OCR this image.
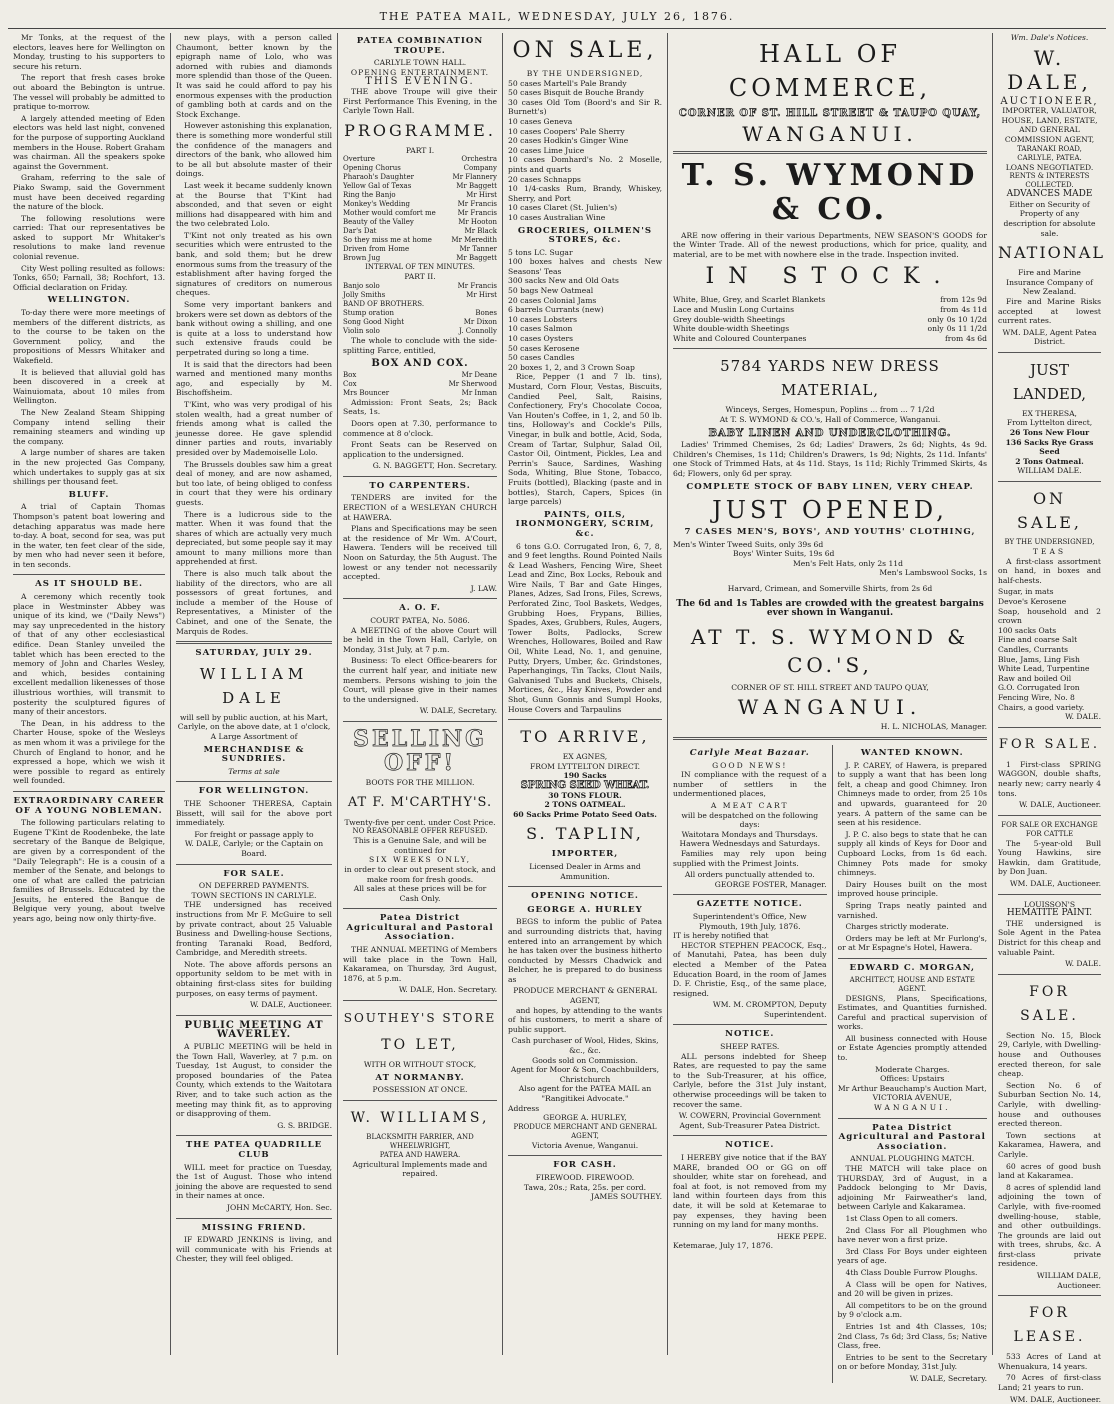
THE PATEA MAIL, WEDNESDAY, JULY 26, 1876.

Mr Tonks, at the request of the electors, leaves here for Wellington on Monday, trusting to his supporters to secure his return.

The report that fresh cases broke out aboard the Bebington is untrue. The vessel will probably be admitted to pratique to-morrow.

A largely attended meeting of Eden electors was held last night, convened for the purpose of supporting Auckland members in the House. Robert Graham was chairman. All the speakers spoke against the Government.

Graham, referring to the sale of Piako Swamp, said the Government must have been deceived regarding the nature of the block.

The following resolutions were carried: That our representatives be asked to support Mr Whitaker's resolutions to make land revenue colonial revenue.

City West polling resulted as follows: Tonks, 650; Farnall, 38; Rochfort, 13. Official declaration on Friday.

WELLINGTON.

To-day there were more meetings of members of the different districts, as to the course to be taken on the Government policy, and the propositions of Messrs Whitaker and Wakefield.

It is believed that alluvial gold has been discovered in a creek at Wainuiomata, about 10 miles from Wellington.

The New Zealand Steam Shipping Company intend selling their remaining steamers and winding up the company.

A large number of shares are taken in the new projected Gas Company, which undertakes to supply gas at six shillings per thousand feet.

BLUFF.

A trial of Captain Thomas Thompson's patent boat lowering and detaching apparatus was made here to-day. A boat, second for sea, was put in the water, ten feet clear of the side, by men who had never seen it before, in ten seconds.

AS IT SHOULD BE.

A ceremony which recently took place in Westminster Abbey was unique of its kind, we ("Daily News") may say unprecedented in the history of that of any other ecclesiastical edifice. Dean Stanley unveiled the tablet which has been erected to the memory of John and Charles Wesley, and which, besides containing excellent medallion likenesses of those illustrious worthies, will transmit to posterity the sculptured figures of many of their ancestors.

The Dean, in his address to the Charter House, spoke of the Wesleys as men whom it was a privilege for the Church of England to honor, and he expressed a hope, which we wish it were possible to regard as entirely well founded.

EXTRAORDINARY CAREER OF A YOUNG NOBLEMAN.

The following particulars relating to Eugene T'Kint de Roodenbeke, the late secretary of the Banque de Belgique, are given by a correspondent of the "Daily Telegraph": He is a cousin of a member of the Senate, and belongs to one of what are called the patrician families of Brussels. Educated by the Jesuits, he entered the Banque de Belgique very young, about twelve years ago, being now only thirty-five.

new plays, with a person called Chaumont, better known by the epigraph name of Lolo, who was adorned with rubies and diamonds more splendid than those of the Queen. It was said he could afford to pay his enormous expenses with the production of gambling both at cards and on the Stock Exchange.

However astonishing this explanation, there is something more wonderful still the confidence of the managers and directors of the bank, who allowed him to be all but absolute master of their doings.

Last week it became suddenly known at the Bourse that T'Kint had absconded, and that seven or eight millions had disappeared with him and the two celebrated Lolo.

T'Kint not only treated as his own securities which were entrusted to the bank, and sold them; but he drew enormous sums from the treasury of the establishment after having forged the signatures of creditors on numerous cheques.

Some very important bankers and brokers were set down as debtors of the bank without owing a shilling, and one is quite at a loss to understand how such extensive frauds could be perpetrated during so long a time.

It is said that the directors had been warned and mentioned many months ago, and especially by M. Bischoffsheim.

T'Kint, who was very prodigal of his stolen wealth, had a great number of friends among what is called the jeunesse doree. He gave splendid dinner parties and routs, invariably presided over by Mademoiselle Lolo.

The Brussels doubles saw him a great deal of money, and are now ashamed, but too late, of being obliged to confess in court that they were his ordinary guests.

There is a ludicrous side to the matter. When it was found that the shares of which are actually very much depreciated, but some people say it may amount to many millions more than apprehended at first.

There is also much talk about the liability of the directors, who are all possessors of great fortunes, and include a member of the House of Representatives, a Minister of the Cabinet, and one of the Senate, the Marquis de Rodes.

SATURDAY, JULY 29.
WILLIAM DALE
will sell by public auction, at his Mart, Carlyle, on the above date, at 1 o'clock,
A Large Assortment of
MERCHANDISE & SUNDRIES.
Terms at sale
FOR WELLINGTON.

THE Schooner THERESA, Captain Bissett, will sail for the above port immediately.

For freight or passage apply to
W. DALE, Carlyle; or the Captain on Board.
FOR SALE.
ON DEFERRED PAYMENTS.
TOWN SECTIONS IN CARLYLE.

THE undersigned has received instructions from Mr F. McGuire to sell by private contract, about 25 Valuable Business and Dwelling-house Sections, fronting Taranaki Road, Bedford, Cambridge, and Meredith streets.

Note. The above affords persons an opportunity seldom to be met with in obtaining first-class sites for building purposes, on easy terms of payment.

W. DALE, Auctioneer.
PUBLIC MEETING AT WAVERLEY.

A PUBLIC MEETING will be held in the Town Hall, Waverley, at 7 p.m. on Tuesday, 1st August, to consider the proposed boundaries of the Patea County, which extends to the Waitotara River, and to take such action as the meeting may think fit, as to approving or disapproving of them.

G. S. BRIDGE.
THE PATEA QUADRILLE CLUB

WILL meet for practice on Tuesday, the 1st of August. Those who intend joining the above are requested to send in their names at once.

JOHN McCARTY, Hon. Sec.
MISSING FRIEND.

IF EDWARD JENKINS is living, and will communicate with his Friends at Chester, they will feel obliged.

PATEA COMBINATION TROUPE.
CARLYLE TOWN HALL.
OPENING ENTERTAINMENT.
THIS EVENING.

THE above Troupe will give their First Performance This Evening, in the Carlyle Town Hall.

PROGRAMME.
PART I.
Overture	Orchestra
Opening Chorus	Company
Pharaoh's Daughter	Mr Flannery
Yellow Gal of Texas	Mr Baggett
Ring the Banjo	Mr Hirst
Monkey's Wedding	Mr Francis
Mother would comfort me	Mr Francis
Beauty of the Valley	Mr Hooton
Dar's Dat	Mr Black
So they miss me at home	Mr Meredith
Driven from Home	Mr Tanner
Brown Jug	Mr Baggett
INTERVAL OF TEN MINUTES.
PART II.
Banjo solo	Mr Francis
Jolly Smiths	Mr Hirst
BAND OF BROTHERS.
Stump oration	Bones
Song Good Night	Mr Dixon
Violin solo	J. Connolly

The whole to conclude with the side-splitting Farce, entitled,

BOX AND COX.
Box	Mr Deane
Cox	Mr Sherwood
Mrs Bouncer	Mr Inman

Admission: Front Seats, 2s; Back Seats, 1s.

Doors open at 7.30, performance to commence at 8 o'clock.

Front Seats can be Reserved on application to the undersigned.

G. N. BAGGETT, Hon. Secretary.
TO CARPENTERS.

TENDERS are invited for the ERECTION of a WESLEYAN CHURCH at HAWERA.

Plans and Specifications may be seen at the residence of Mr Wm. A'Court, Hawera. Tenders will be received till Noon on Saturday, the 5th August. The lowest or any tender not necessarily accepted.

J. LAW.
A. O. F.
COURT PATEA, No. 5086.

A MEETING of the above Court will be held in the Town Hall, Carlyle, on Monday, 31st July, at 7 p.m.

Business: To elect Office-bearers for the current half year, and initiate new members. Persons wishing to join the Court, will please give in their names to the undersigned.

W. DALE, Secretary.
SELLING OFF!
BOOTS FOR THE MILLION.
AT F. M'CARTHY'S.
Twenty-five per cent. under Cost Price.
NO REASONABLE OFFER REFUSED.
This is a Genuine Sale, and will be continued for
SIX WEEKS ONLY,
in order to clear out present stock, and make room for fresh goods.
All sales at these prices will be for Cash Only.
Patea District Agricultural and Pastoral Association.

THE ANNUAL MEETING of Members will take place in the Town Hall, Kakaramea, on Thursday, 3rd August, 1876, at 5 p.m.

W. DALE, Hon. Secretary.
SOUTHEY'S STORE
TO LET,
WITH OR WITHOUT STOCK,
AT NORMANBY.
POSSESSION AT ONCE.
W. WILLIAMS,
BLACKSMITH FARRIER, AND WHEELWRIGHT,
PATEA AND HAWERA.
Agricultural Implements made and repaired.
ON SALE,
BY THE UNDERSIGNED,
50 cases Martell's Pale Brandy
50 cases Bisquit de Bouche Brandy
30 cases Old Tom (Boord's and Sir R. Burnett's)
10 cases Geneva
10 cases Coopers' Pale Sherry
20 cases Hodkin's Ginger Wine
20 cases Lime Juice
10 cases Domhard's No. 2 Moselle, pints and quarts
20 cases Schnapps
10 1/4-casks Rum, Brandy, Whiskey, Sherry, and Port
10 cases Claret (St. Julien's)
10 cases Australian Wine
GROCERIES, OILMEN'S STORES, &c.
5 tons LC. Sugar
100 boxes halves and chests New Seasons' Teas
300 sacks New and Old Oats
50 bags New Oatmeal
20 cases Colonial Jams
6 barrels Currants (new)
10 cases Lobsters
10 cases Salmon
10 cases Oysters
50 cases Kerosene
50 cases Candles
20 boxes 1, 2, and 3 Crown Soap

Rice, Pepper (1 and 7 lb. tins), Mustard, Corn Flour, Vestas, Biscuits, Candied Peel, Salt, Raisins, Confectionery, Fry's Chocolate Cocoa, Van Houten's Coffee, in 1, 2, and 50 lb. tins, Holloway's and Cockle's Pills, Vinegar, in bulk and bottle, Acid, Soda, Cream of Tartar, Sulphur, Salad Oil, Castor Oil, Ointment, Pickles, Lea and Perrin's Sauce, Sardines, Washing Soda, Whiting, Blue Stone, Tobacco, Fruits (bottled), Blacking (paste and in bottles), Starch, Capers, Spices (in large parcels)

PAINTS, OILS, IRONMONGERY, SCRIM, &c.

6 tons G.O. Corrugated Iron, 6, 7, 8, and 9 feet lengths. Round Pointed Nails & Lead Washers, Fencing Wire, Sheet Lead and Zinc, Box Locks, Rebouk and Wire Nails, T Bar and Gate Hinges, Planes, Adzes, Sad Irons, Files, Screws, Perforated Zinc, Tool Baskets, Wedges, Grubbing Hoes, Frypans, Billies, Spades, Axes, Grubbers, Rules, Augers, Tower Bolts, Padlocks, Screw Wrenches, Hollowares, Boiled and Raw Oil, White Lead, No. 1, and genuine, Putty, Dryers, Umber, &c. Grindstones, Paperhangings, Tin Tacks, Clout Nails, Galvanised Tubs and Buckets, Chisels, Mortices, &c., Hay Knives, Powder and Shot, Gunn Gonnis and Sumpl Hooks, House Covers and Tarpaulins

TO ARRIVE,
EX AGNES,
FROM LYTTELTON DIRECT.
190 Sacks
SPRING SEED WHEAT.
30 TONS FLOUR.
2 TONS OATMEAL.
60 Sacks Prime Potato Seed Oats.
S. TAPLIN,
IMPORTER,
Licensed Dealer in Arms and Ammunition.
OPENING NOTICE.
GEORGE A. HURLEY

BEGS to inform the public of Patea and surrounding districts that, having entered into an arrangement by which he has taken over the business hitherto conducted by Messrs Chadwick and Belcher, he is prepared to do business as

PRODUCE MERCHANT & GENERAL AGENT,

and hopes, by attending to the wants of his customers, to merit a share of public support.

Cash purchaser of Wool, Hides, Skins, &c., &c.
Goods sold on Commission.
Agent for Moor & Son, Coachbuilders, Christchurch
Also agent for the PATEA MAIL an "Rangitikei Advocate."
Address
GEORGE A. HURLEY,
PRODUCE MERCHANT AND GENERAL AGENT,
Victoria Avenue, Wanganui.
FOR CASH.
FIREWOOD. FIREWOOD.
Tawa, 20s.; Rata, 25s. per cord.
JAMES SOUTHEY.
HALL OF COMMERCE,
CORNER OF ST. HILL STREET & TAUPO QUAY,
WANGANUI.
T. S. WYMOND & CO.

ARE now offering in their various Departments, NEW SEASON'S GOODS for the Winter Trade. All of the newest productions, which for price, quality, and material, are to be met with nowhere else in the trade. Inspection invited.

IN STOCK.
White, Blue, Grey, and Scarlet Blankets	from 12s 9d
Lace and Muslin Long Curtains	from 4s 11d
Grey double-width Sheetings	only 0s 10 1/2d
White double-width Sheetings	only 0s 11 1/2d
White and Coloured Counterpanes	from 4s 6d
5784 YARDS NEW DRESS MATERIAL,
Winceys, Serges, Homespun, Poplins ... from ... 7 1/2d
At T. S. WYMOND & CO.'s, Hall of Commerce, Wanganui.
BABY LINEN AND UNDERCLOTHING.

Ladies' Trimmed Chemises, 2s 6d; Ladies' Drawers, 2s 6d; Nights, 4s 9d. Children's Chemises, 1s 11d; Children's Drawers, 1s 9d; Nights, 2s 11d. Infants' one Stock of Trimmed Hats, at 4s 11d. Stays, 1s 11d; Richly Trimmed Skirts, 4s 6d; Flowers, only 6d per spray.

COMPLETE STOCK OF BABY LINEN, VERY CHEAP.
JUST OPENED,
7 CASES MEN'S, BOYS', AND YOUTHS' CLOTHING,
Men's Winter Tweed Suits, only 39s 6d
Boys' Winter Suits, 19s 6d
Men's Felt Hats, only 2s 11d
Men's Lambswool Socks, 1s
Harvard, Crimean, and Somerville Shirts, from 2s 6d
The 6d and 1s Tables are crowded with the greatest bargains ever shown in Wanganui.
AT T. S. WYMOND & CO.'S,
CORNER OF ST. HILL STREET AND TAUPO QUAY,
WANGANUI.
H. L. NICHOLAS, Manager.
Carlyle Meat Bazaar.
GOOD NEWS!

IN compliance with the request of a number of settlers in the undermentioned places,

A MEAT CART
will be despatched on the following days:
Waitotara Mondays and Thursdays.
Hawera Wednesdays and Saturdays.

Families may rely upon being supplied with the Primest Joints.

All orders punctually attended to.
GEORGE FOSTER, Manager.
GAZETTE NOTICE.
Superintendent's Office, New Plymouth, 19th July, 1876.
IT is hereby notified that

HECTOR STEPHEN PEACOCK, Esq., of Manutahi, Patea, has been duly elected a Member of the Patea Education Board, in the room of James D. F. Christie, Esq., of the same place, resigned.

WM. M. CROMPTON, Deputy Superintendent.
NOTICE.
SHEEP RATES.

ALL persons indebted for Sheep Rates, are requested to pay the same to the Sub-Treasurer, at his office, Carlyle, before the 31st July instant, otherwise proceedings will be taken to recover the same.

W. COWERN, Provincial Government Agent, Sub-Treasurer Patea District.
NOTICE.

I HEREBY give notice that if the BAY MARE, branded OO or GG on off shoulder, white star on forehead, and foal at foot, is not removed from my land within fourteen days from this date, it will be sold at Ketemarae to pay expenses, they having been running on my land for many months.

HEKE PEPE.
Ketemarae, July 17, 1876.
WANTED KNOWN.

J. P. CAREY, of Hawera, is prepared to supply a want that has been long felt, a cheap and good Chimney. Iron Chimneys made to order, from 25 10s and upwards, guaranteed for 20 years. A pattern of the same can be seen at his residence.

J. P. C. also begs to state that he can supply all kinds of Keys for Door and Cupboard Locks, from 1s 6d each. Chimney Pots made for smoky chimneys.

Dairy Houses built on the most improved house principle.

Spring Traps neatly painted and varnished.

Charges strictly moderate.

Orders may be left at Mr Furlong's, or at Mr Espagne's Hotel, Hawera.

EDWARD C. MORGAN,
ARCHITECT, HOUSE AND ESTATE AGENT.

DESIGNS, Plans, Specifications, Estimates, and Quantities furnished. Careful and practical supervision of works.

All business connected with House or Estate Agencies promptly attended to.

Moderate Charges.
Offices: Upstairs
Mr Arthur Beauchamp's Auction Mart,
VICTORIA AVENUE,
WANGANUI.
Patea District Agricultural and Pastoral Association.
ANNUAL PLOUGHING MATCH.

THE MATCH will take place on THURSDAY, 3rd of August, in a Paddock belonging to Mr Davis, adjoining Mr Fairweather's land, between Carlyle and Kakaramea.

1st Class Open to all comers.

2nd Class For all Ploughmen who have never won a first prize.

3rd Class For Boys under eighteen years of age.

4th Class Double Furrow Ploughs.

A Class will be open for Natives, and 20 will be given in prizes.

All competitors to be on the ground by 9 o'clock a.m.

Entries 1st and 4th Classes, 10s; 2nd Class, 7s 6d; 3rd Class, 5s; Native Class, free.

Entries to be sent to the Secretary on or before Monday, 31st July.

W. DALE, Secretary.
Wm. Dale's Notices.
W. DALE,
AUCTIONEER,
IMPORTER, VALUATOR, HOUSE, LAND, ESTATE, AND GENERAL COMMISSION AGENT,
TARANAKI ROAD, CARLYLE, PATEA.
LOANS NEGOTIATED.
RENTS & INTERESTS COLLECTED.
ADVANCES MADE
Either on Security of Property of any description for absolute sale.
NATIONAL
Fire and Marine Insurance Company of New Zealand.

Fire and Marine Risks accepted at lowest current rates.

WM. DALE, Agent Patea District.
JUST LANDED,
EX THERESA,
From Lyttelton direct,
26 Tons New Flour
136 Sacks Rye Grass Seed
2 Tons Oatmeal.
WILLIAM DALE.
ON SALE,
BY THE UNDERSIGNED,
TEAS

A first-class assortment on hand, in boxes and half-chests.

Sugar, in mats
Devoe's Kerosene
Soap, household and 2 crown
100 sacks Oats
Fine and coarse Salt
Candles, Currants
Blue, Jams, Ling Fish
White Lead, Turpentine
Raw and boiled Oil
G.O. Corrugated Iron
Fencing Wire, No. 8
Chairs, a good variety.
W. DALE.
FOR SALE.

1 First-class SPRING WAGGON, double shafts, nearly new; carry nearly 4 tons.

W. DALE, Auctioneer.
FOR SALE OR EXCHANGE FOR CATTLE

The 5-year-old Bull Young Hawkins, sire Hawkin, dam Gratitude, by Don Juan.

WM. DALE, Auctioneer.
LOUISSON'S
HEMATITE PAINT.

THE undersigned is Sole Agent in the Patea District for this cheap and valuable Paint.

W. DALE.
FOR SALE.

Section No. 15, Block 29, Carlyle, with Dwelling-house and Outhouses erected thereon, for sale cheap.

Section No. 6 of Suburban Section No. 14, Carlyle, with dwelling-house and outhouses erected thereon.

Town sections at Kakaramea, Hawera, and Carlyle.

60 acres of good bush land at Kakaramea.

8 acres of splendid land adjoining the town of Carlyle, with five-roomed dwelling-house, stable, and other outbuildings. The grounds are laid out with trees, shrubs, &c. A first-class private residence.

WILLIAM DALE, Auctioneer.
FOR LEASE.

533 Acres of Land at Whenuakura, 14 years.

70 Acres of first-class Land; 21 years to run.

WM. DALE, Auctioneer.
